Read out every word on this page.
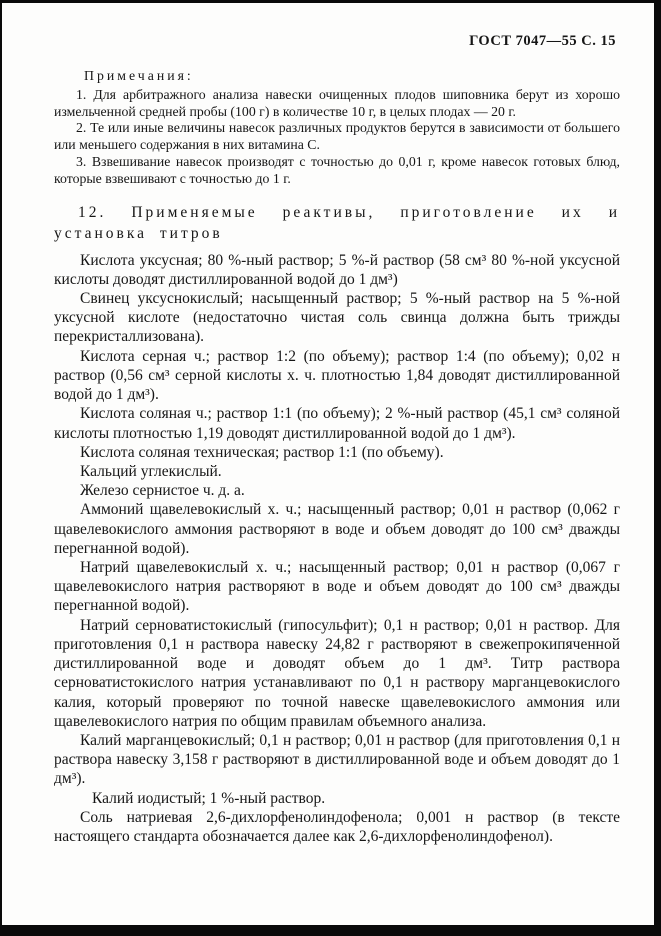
ГОСТ 7047—55 С. 15
Примечания:
1. Для арбитражного анализа навески очищенных плодов шиповника берут из хорошо измельченной средней пробы (100 г) в количестве 10 г, в целых плодах — 20 г.
2. Те или иные величины навесок различных продуктов берутся в зависимости от большего или меньшего содержания в них витамина С.
3. Взвешивание навесок производят с точностью до 0,01 г, кроме навесок готовых блюд, которые взвешивают с точностью до 1 г.
12. Применяемые реактивы, приготовление их и установка титров

Кислота уксусная; 80 %-ный раствор; 5 %-й раствор (58 см³ 80 %-ной уксусной кислоты доводят дистиллированной водой до 1 дм³)

Свинец уксуснокислый; насыщенный раствор; 5 %-ный раствор на 5 %-ной уксусной кислоте (недостаточно чистая соль свинца должна быть трижды перекристаллизована).

Кислота серная ч.; раствор 1:2 (по объему); раствор 1:4 (по объему); 0,02 н раствор (0,56 см³ серной кислоты х. ч. плотностью 1,84 доводят дистиллированной водой до 1 дм³).

Кислота соляная ч.; раствор 1:1 (по объему); 2 %-ный раствор (45,1 см³ соляной кислоты плотностью 1,19 доводят дистиллированной водой до 1 дм³).

Кислота соляная техническая; раствор 1:1 (по объему).

Кальций углекислый.

Железо сернистое ч. д. а.

Аммоний щавелевокислый х. ч.; насыщенный раствор; 0,01 н раствор (0,062 г щавелевокислого аммония растворяют в воде и объем доводят до 100 см³ дважды перегнанной водой).

Натрий щавелевокислый х. ч.; насыщенный раствор; 0,01 н раствор (0,067 г щавелевокислого натрия растворяют в воде и объем доводят до 100 см³ дважды перегнанной водой).

Натрий серноватистокислый (гипосульфит); 0,1 н раствор; 0,01 н раствор. Для приготовления 0,1 н раствора навеску 24,82 г растворяют в свежепрокипяченной дистиллированной воде и доводят объем до 1 дм³. Титр раствора серноватистокислого натрия устанавливают по 0,1 н раствору марганцевокислого калия, который проверяют по точной навеске щавелевокислого аммония или щавелевокислого натрия по общим правилам объемного анализа.

Калий марганцевокислый; 0,1 н раствор; 0,01 н раствор (для приготовления 0,1 н раствора навеску 3,158 г растворяют в дистиллированной воде и объем доводят до 1 дм³).

Калий иодистый; 1 %-ный раствор.

Соль натриевая 2,6-дихлорфенолиндофенола; 0,001 н раствор (в тексте настоящего стандарта обозначается далее как 2,6-дихлорфенолиндофенол).
